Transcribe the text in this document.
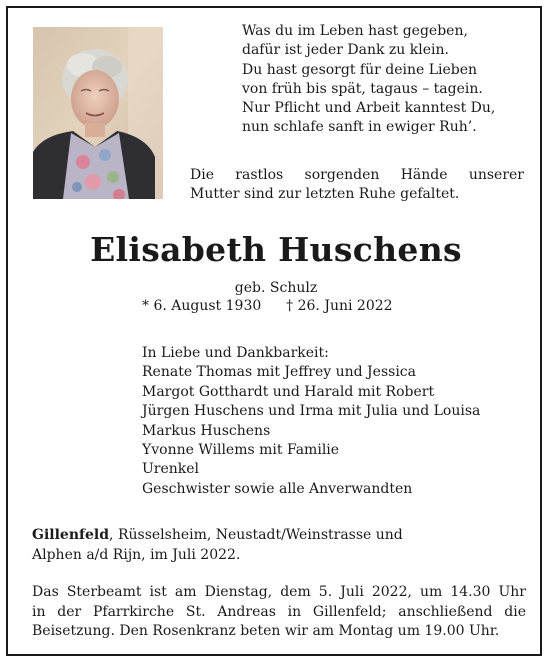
Was du im Leben hast gegeben,
dafür ist jeder Dank zu klein.
Du hast gesorgt für deine Lieben
von früh bis spät, tagaus – tagein.
Nur Pflicht und Arbeit kanntest Du,
nun schlafe sanft in ewiger Ruh’.
Die rastlos sorgenden Hände unserer
Mutter sind zur letzten Ruhe gefaltet.
Elisabeth Huschens
geb. Schulz
* 6. August 1930 † 26. Juni 2022
In Liebe und Dankbarkeit:
Renate Thomas mit Jeffrey und Jessica
Margot Gotthardt und Harald mit Robert
Jürgen Huschens und Irma mit Julia und Louisa
Markus Huschens
Yvonne Willems mit Familie
Urenkel
Geschwister sowie alle Anverwandten
Gillenfeld, Rüsselsheim, Neustadt/Weinstrasse und
Alphen a/d Rijn, im Juli 2022.
Das Sterbeamt ist am Dienstag, dem 5. Juli 2022, um 14.30 Uhr
in der Pfarrkirche St. Andreas in Gillenfeld; anschließend die
Beisetzung. Den Rosenkranz beten wir am Montag um 19.00 Uhr.
